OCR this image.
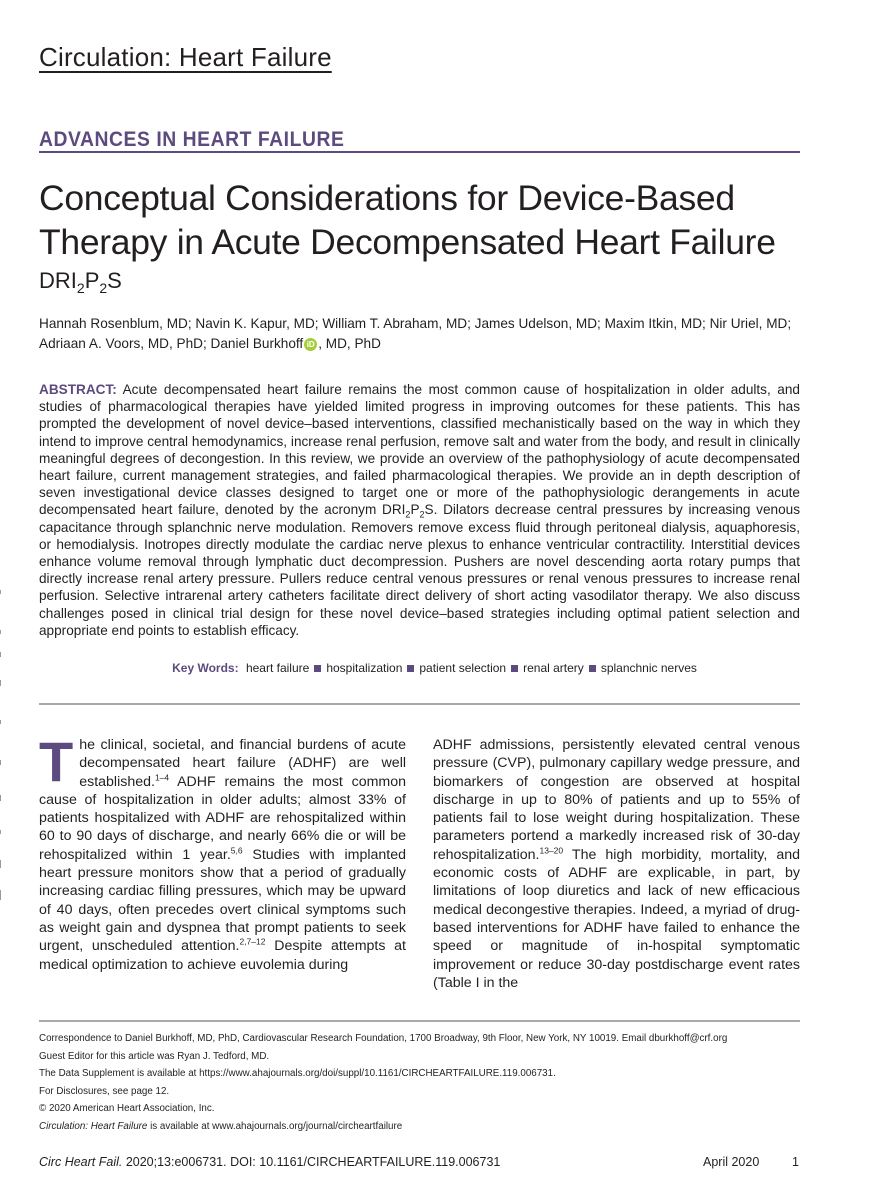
Circulation: Heart Failure
ADVANCES IN HEART FAILURE
Conceptual Considerations for Device-Based
Therapy in Acute Decompensated Heart Failure
$DRI_2P_2S$
Hannah Rosenblum, MD; Navin K. Kapur, MD; William T. Abraham, MD; James Udelson, MD; Maxim Itkin, MD; Nir Uriel, MD;
Adriaan A. Voors, MD, PhD; Daniel Burkhoff iD , MD, PhD
ABSTRACT: Acute decompensated heart failure remains the most common cause of hospitalization in older adults, and studies of pharmacological therapies have yielded limited progress in improving outcomes for these patients. This has prompted the development of novel device–based interventions, classified mechanistically based on the way in which they intend to improve central hemodynamics, increase renal perfusion, remove salt and water from the body, and result in clinically meaningful degrees of decongestion. In this review, we provide an overview of the pathophysiology of acute decompensated heart failure, current management strategies, and failed pharmacological therapies. We provide an in depth description of seven investigational device classes designed to target one or more of the pathophysiologic derangements in acute decompensated heart failure, denoted by the acronym $DRI_2P_2S$. Dilators decrease central pressures by increasing venous capacitance through splanchnic nerve modulation. Removers remove excess fluid through peritoneal dialysis, aquaphoresis, or hemodialysis. Inotropes directly modulate the cardiac nerve plexus to enhance ventricular contractility. Interstitial devices enhance volume removal through lymphatic duct decompression. Pushers are novel descending aorta rotary pumps that directly increase renal artery pressure. Pullers reduce central venous pressures or renal venous pressures to increase renal perfusion. Selective intrarenal artery catheters facilitate direct delivery of short acting vasodilator therapy. We also discuss challenges posed in clinical trial design for these novel device–based strategies including optimal patient selection and appropriate end points to establish efficacy.
Key Words: heart failure hospitalization patient selection renal artery splanchnic nerves
The clinical, societal, and financial burdens of acute decompensated heart failure (ADHF) are well established.$^{1-4}$ ADHF remains the most common cause of hospitalization in older adults; almost 33% of patients hospitalized with ADHF are rehospitalized within 60 to 90 days of discharge, and nearly 66% die or will be rehospitalized within 1 year.$^{5,6}$ Studies with implanted heart pressure monitors show that a period of gradually increasing cardiac filling pressures, which may be upward of 40 days, often precedes overt clinical symptoms such as weight gain and dyspnea that prompt patients to seek urgent, unscheduled attention.$^{2,7-12}$ Despite attempts at medical optimization to achieve euvolemia during
ADHF admissions, persistently elevated central venous pressure (CVP), pulmonary capillary wedge pressure, and biomarkers of congestion are observed at hospital discharge in up to 80% of patients and up to 55% of patients fail to lose weight during hospitalization. These parameters portend a markedly increased risk of 30-day rehospitalization.$^{13-20}$ The high morbidity, mortality, and economic costs of ADHF are explicable, in part, by limitations of loop diuretics and lack of new efficacious medical decongestive therapies. Indeed, a myriad of drug-based interventions for ADHF have failed to enhance the speed or magnitude of in-hospital symptomatic improvement or reduce 30-day postdischarge event rates (Table I in the
Correspondence to Daniel Burkhoff, MD, PhD, Cardiovascular Research Foundation, 1700 Broadway, 9th Floor, New York, NY 10019. Email dburkhoff@crf.org
Guest Editor for this article was Ryan J. Tedford, MD.
The Data Supplement is available at https://www.ahajournals.org/doi/suppl/10.1161/CIRCHEARTFAILURE.119.006731.
For Disclosures, see page 12.
© 2020 American Heart Association, Inc.
Circulation: Heart Failure is available at www.ahajournals.org/journal/circheartfailure
Circ Heart Fail. 2020;13:e006731. DOI: 10.1161/CIRCHEARTFAILURE.119.006731	April 2020	1
